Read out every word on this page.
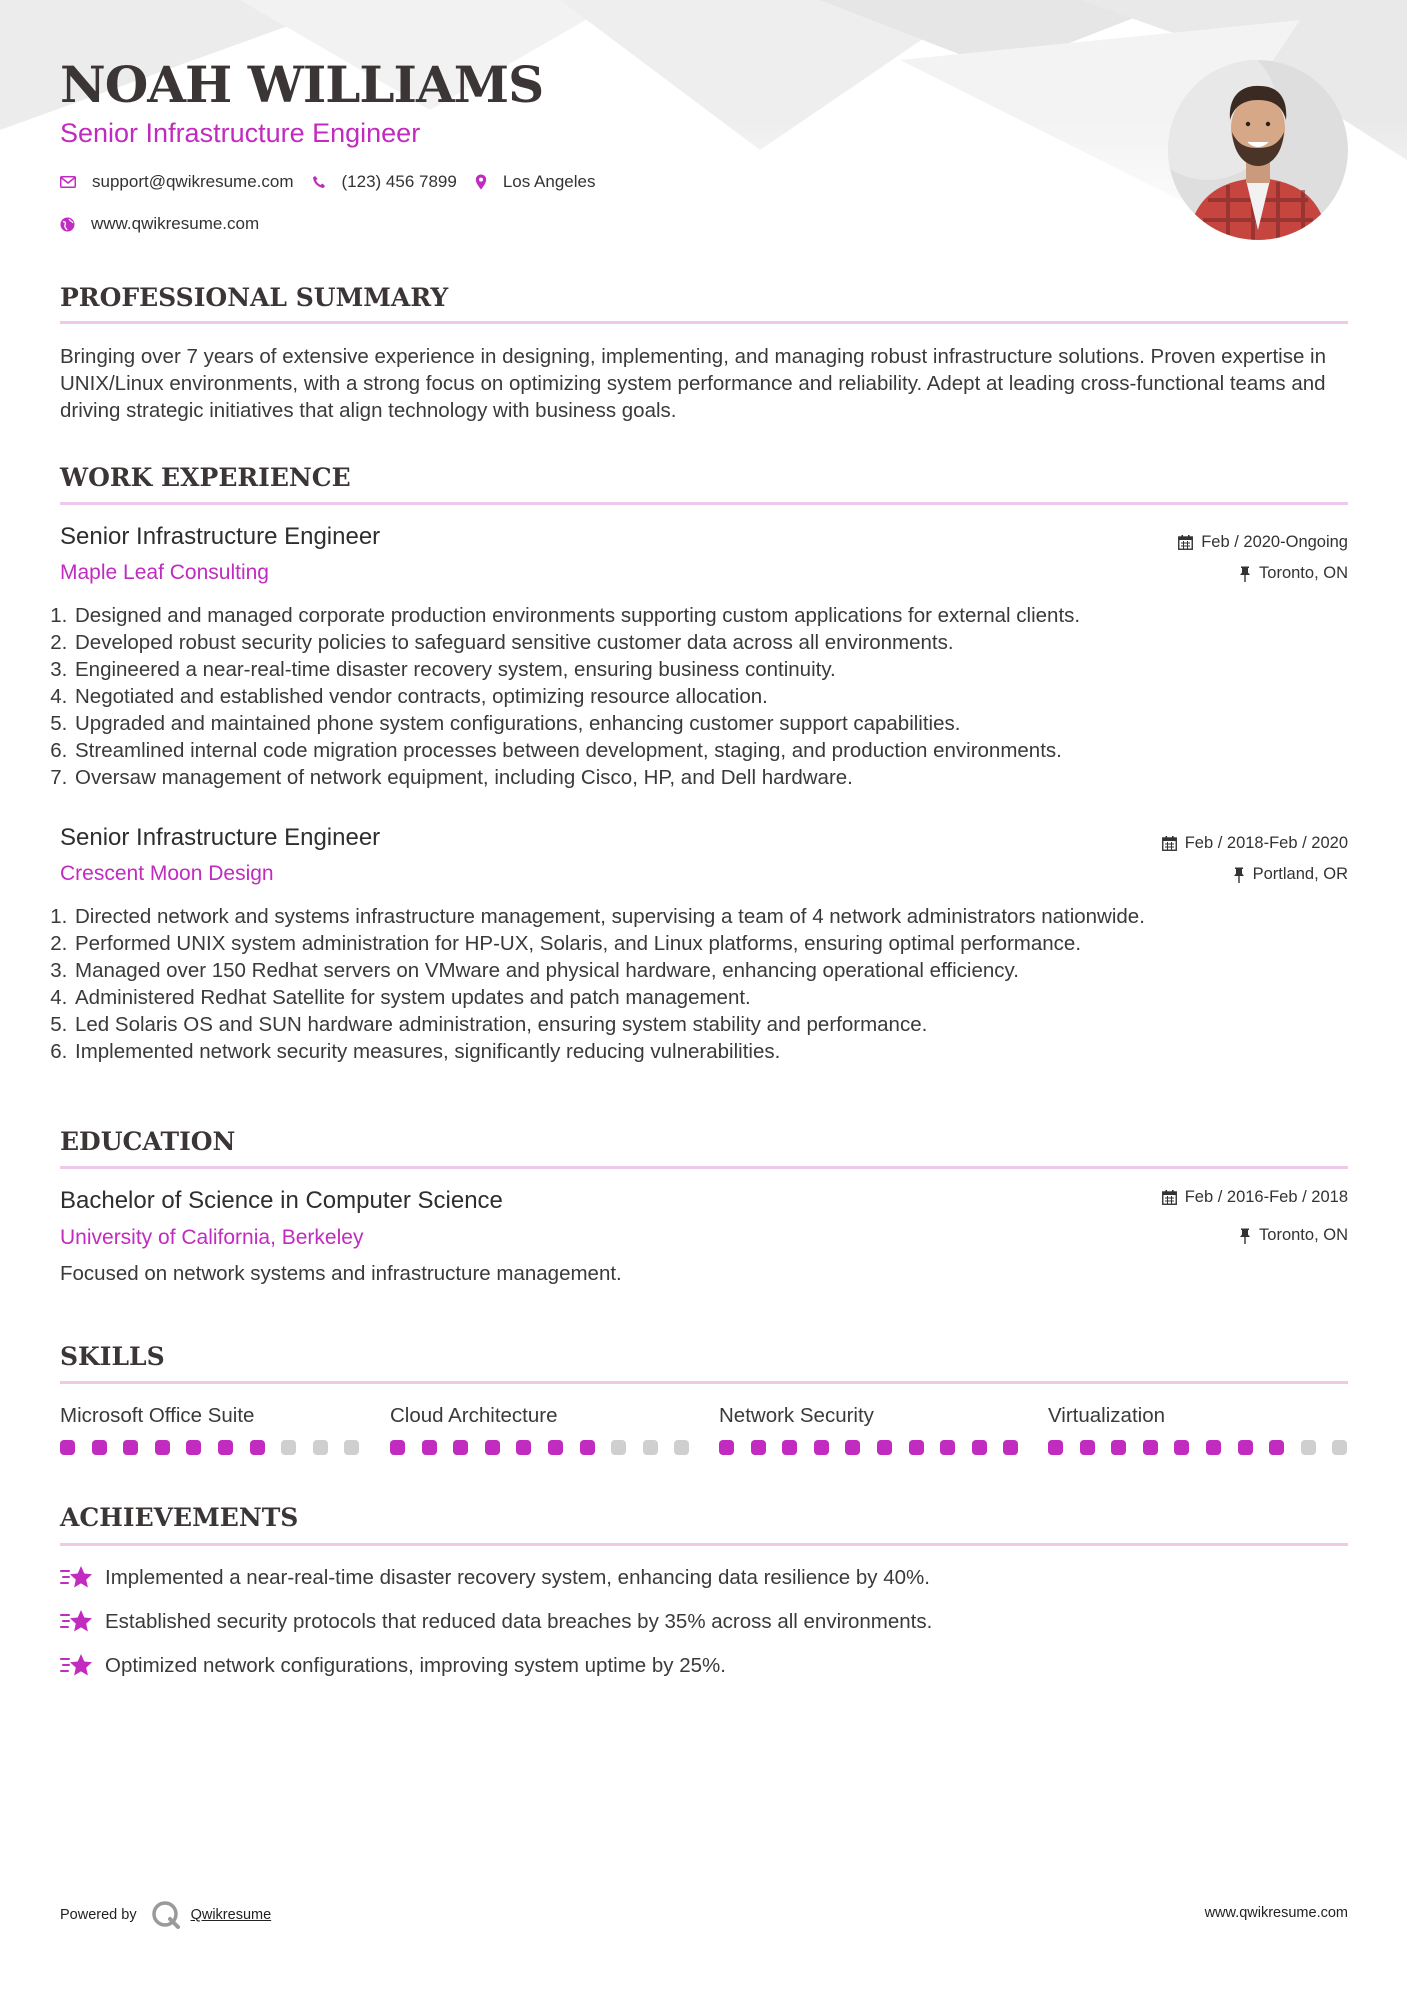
NOAH WILLIAMS
Senior Infrastructure Engineer
support@qwikresume.com	(123) 456 7899	Los Angeles
www.qwikresume.com
PROFESSIONAL SUMMARY

Bringing over 7 years of extensive experience in designing, implementing, and managing robust infrastructure solutions. Proven expertise in UNIX/Linux environments, with a strong focus on optimizing system performance and reliability. Adept at leading cross-functional teams and driving strategic initiatives that align technology with business goals.

WORK EXPERIENCE
Senior Infrastructure Engineer
Maple Leaf Consulting
Feb / 2020-Ongoing
Toronto, ON
1. Designed and managed corporate production environments supporting custom applications for external clients.
2. Developed robust security policies to safeguard sensitive customer data across all environments.
3. Engineered a near-real-time disaster recovery system, ensuring business continuity.
4. Negotiated and established vendor contracts, optimizing resource allocation.
5. Upgraded and maintained phone system configurations, enhancing customer support capabilities.
6. Streamlined internal code migration processes between development, staging, and production environments.
7. Oversaw management of network equipment, including Cisco, HP, and Dell hardware.
Senior Infrastructure Engineer
Crescent Moon Design
Feb / 2018-Feb / 2020
Portland, OR
1. Directed network and systems infrastructure management, supervising a team of 4 network administrators nationwide.
2. Performed UNIX system administration for HP-UX, Solaris, and Linux platforms, ensuring optimal performance.
3. Managed over 150 Redhat servers on VMware and physical hardware, enhancing operational efficiency.
4. Administered Redhat Satellite for system updates and patch management.
5. Led Solaris OS and SUN hardware administration, ensuring system stability and performance.
6. Implemented network security measures, significantly reducing vulnerabilities.
EDUCATION
Bachelor of Science in Computer Science
University of California, Berkeley
Feb / 2016-Feb / 2018
Toronto, ON
Focused on network systems and infrastructure management.
SKILLS
Microsoft Office Suite	Cloud Architecture	Network Security	Virtualization
ACHIEVEMENTS
Implemented a near-real-time disaster recovery system, enhancing data resilience by 40%.
Established security protocols that reduced data breaches by 35% across all environments.
Optimized network configurations, improving system uptime by 25%.
Powered by	Qwikresume	www.qwikresume.com
